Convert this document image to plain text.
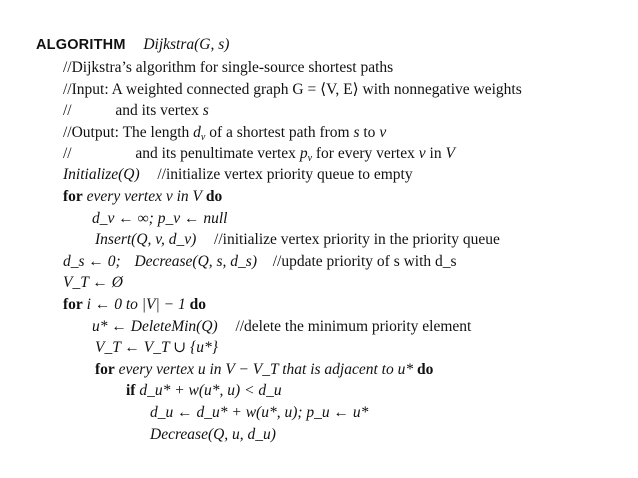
ALGORITHM Dijkstra(G, s)
//Dijkstra’s algorithm for single-source shortest paths
//Input: A weighted connected graph G = ⟨V, E⟩ with nonnegative weights
//	and its vertex s
//Output: The length $d_v$ of a shortest path from s to v
//	and its penultimate vertex $p_v$ for every vertex v in V
Initialize(Q) //initialize vertex priority queue to empty
for every vertex v in V do
d_v ← ∞; p_v ← null
Insert(Q, v, d_v) //initialize vertex priority in the priority queue
d_s ← 0; Decrease(Q, s, d_s) //update priority of s with d_s
V_T ← Ø
for i ← 0 to |V| − 1 do
u* ← DeleteMin(Q) //delete the minimum priority element
V_T ← V_T ∪ {u*}
for every vertex u in V − V_T that is adjacent to u* do
if d_u* + w(u*, u) < d_u
d_u ← d_u* + w(u*, u); p_u ← u*
Decrease(Q, u, d_u)
